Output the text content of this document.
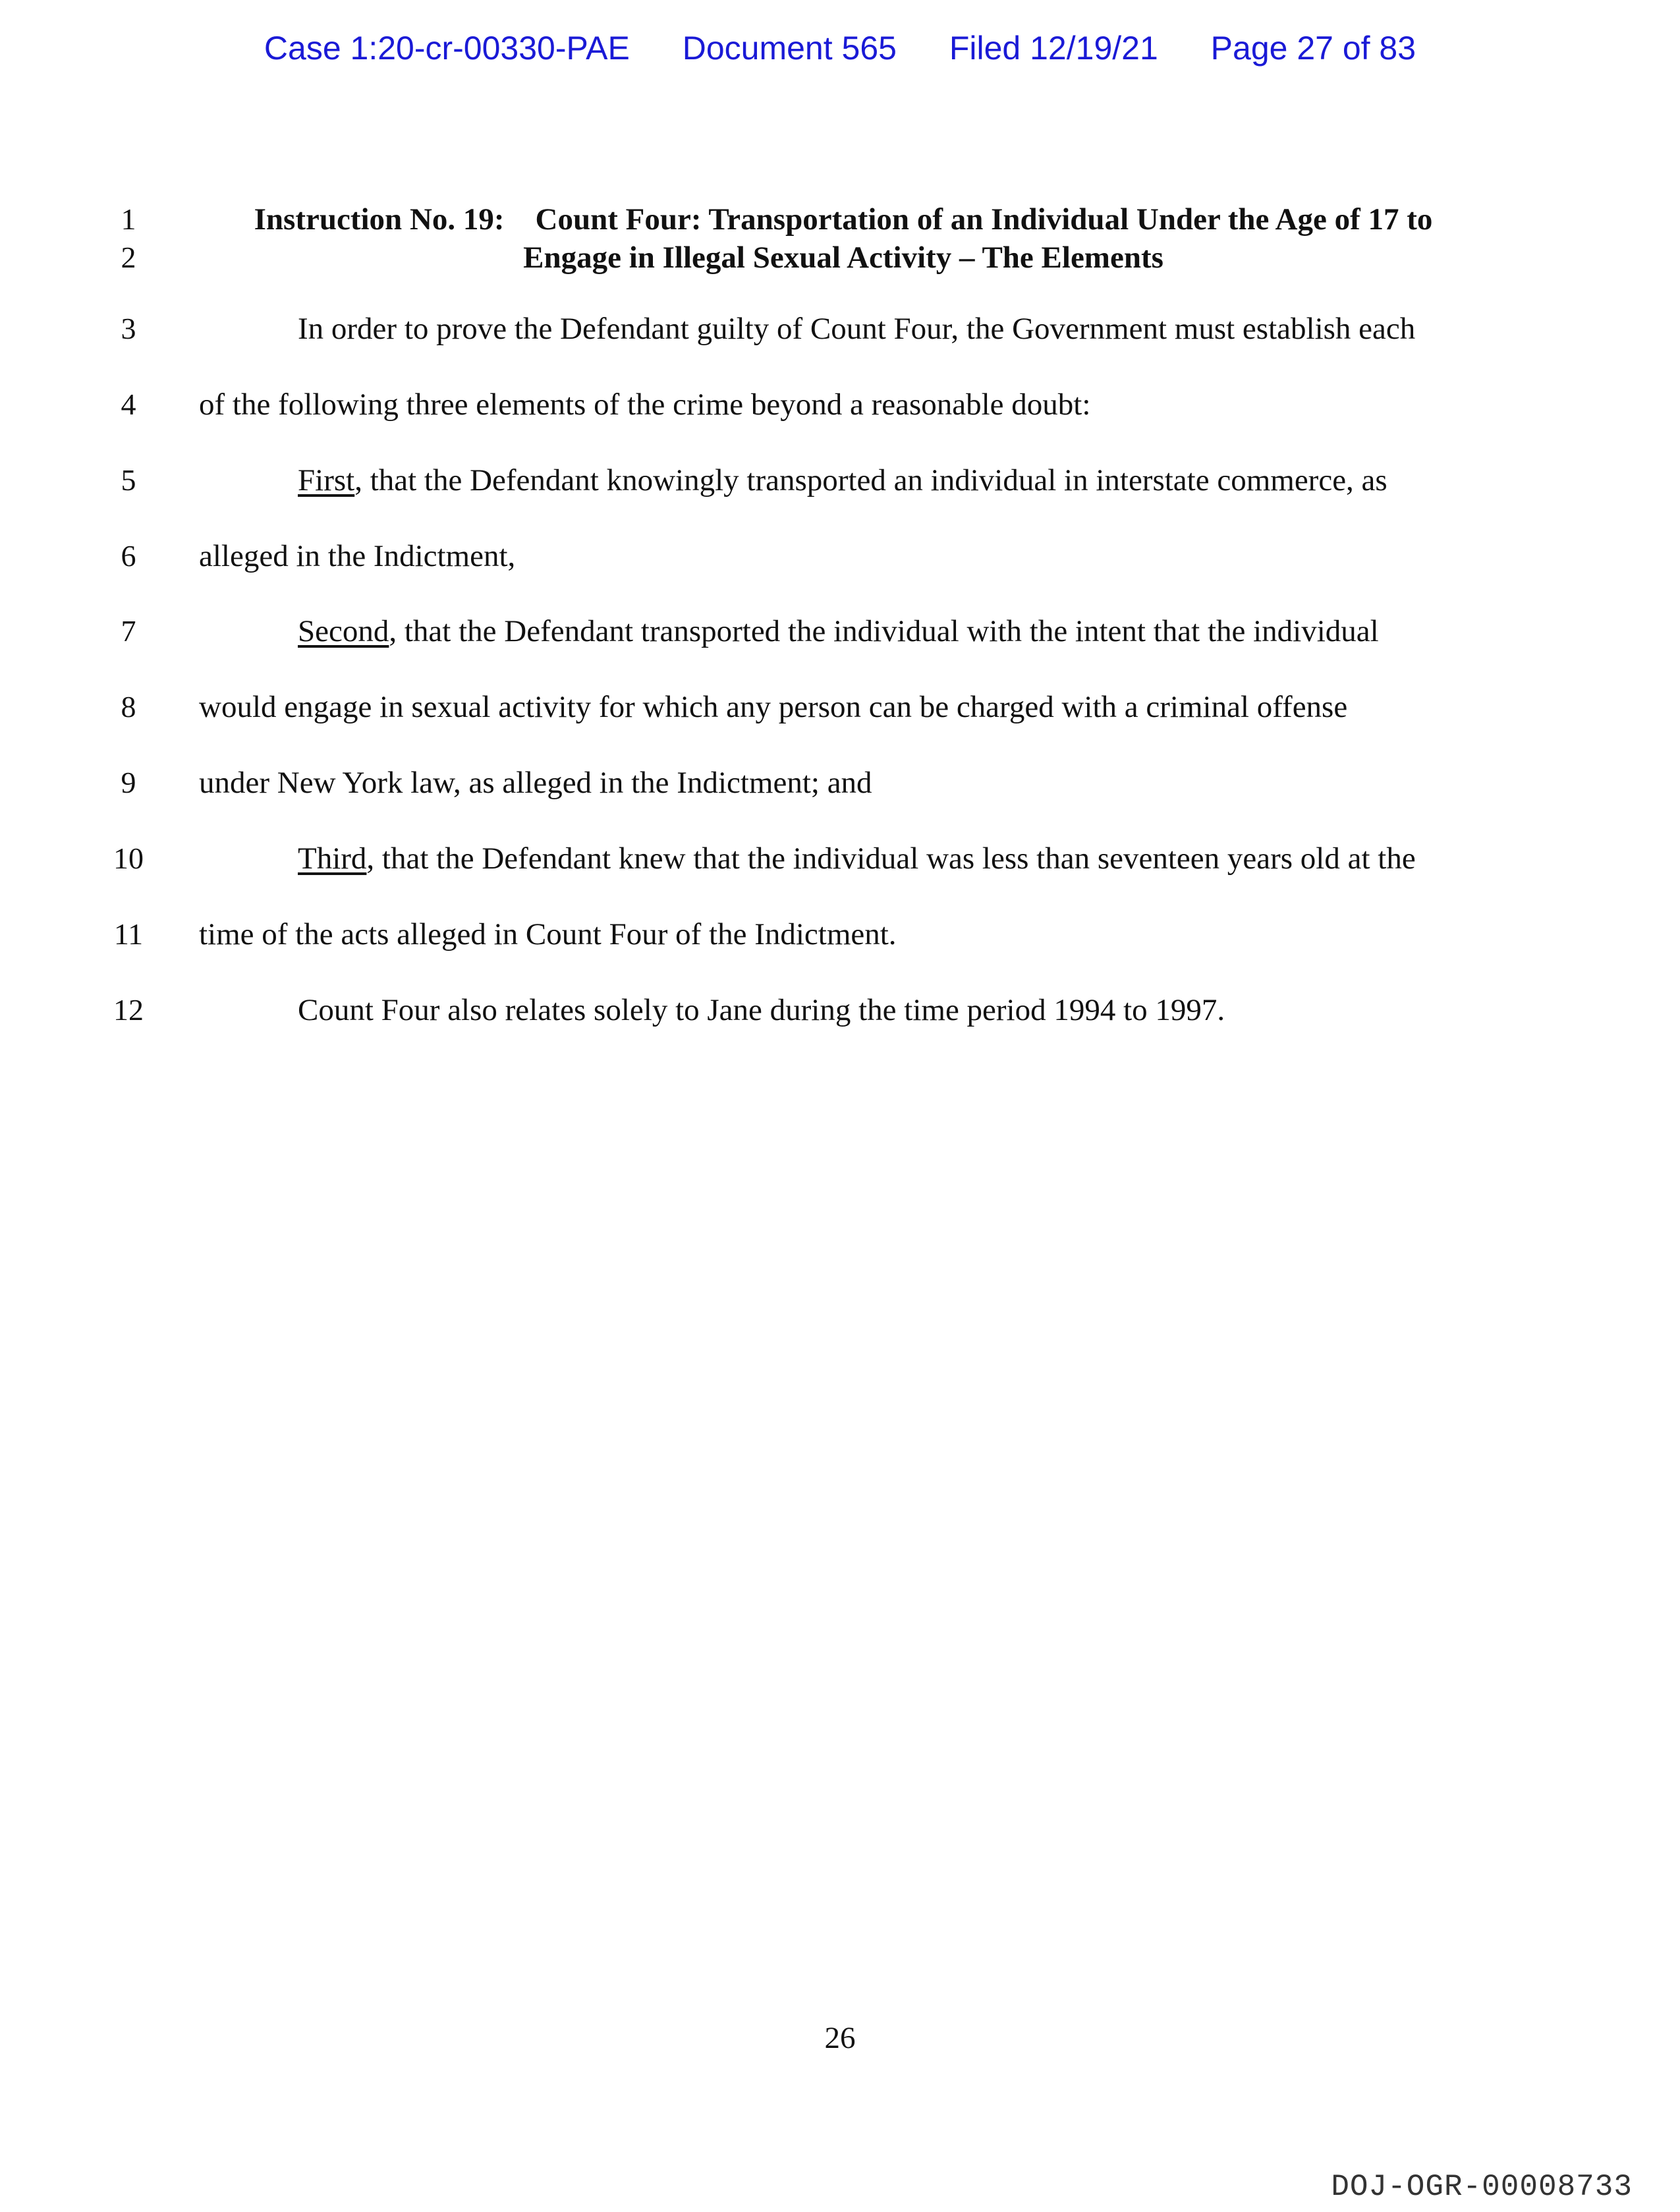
Case 1:20-cr-00330-PAE Document 565 Filed 12/19/21 Page 27 of 83
1
2
3
4
5
6
7
8
9
10
11
12
Instruction No. 19: Count Four: Transportation of an Individual Under the Age of 17 to
Engage in Illegal Sexual Activity – The Elements
In order to prove the Defendant guilty of Count Four, the Government must establish each
of the following three elements of the crime beyond a reasonable doubt:
First, that the Defendant knowingly transported an individual in interstate commerce, as
alleged in the Indictment,
Second, that the Defendant transported the individual with the intent that the individual
would engage in sexual activity for which any person can be charged with a criminal offense
under New York law, as alleged in the Indictment; and
Third, that the Defendant knew that the individual was less than seventeen years old at the
time of the acts alleged in Count Four of the Indictment.
Count Four also relates solely to Jane during the time period 1994 to 1997.
26
DOJ-OGR-00008733
